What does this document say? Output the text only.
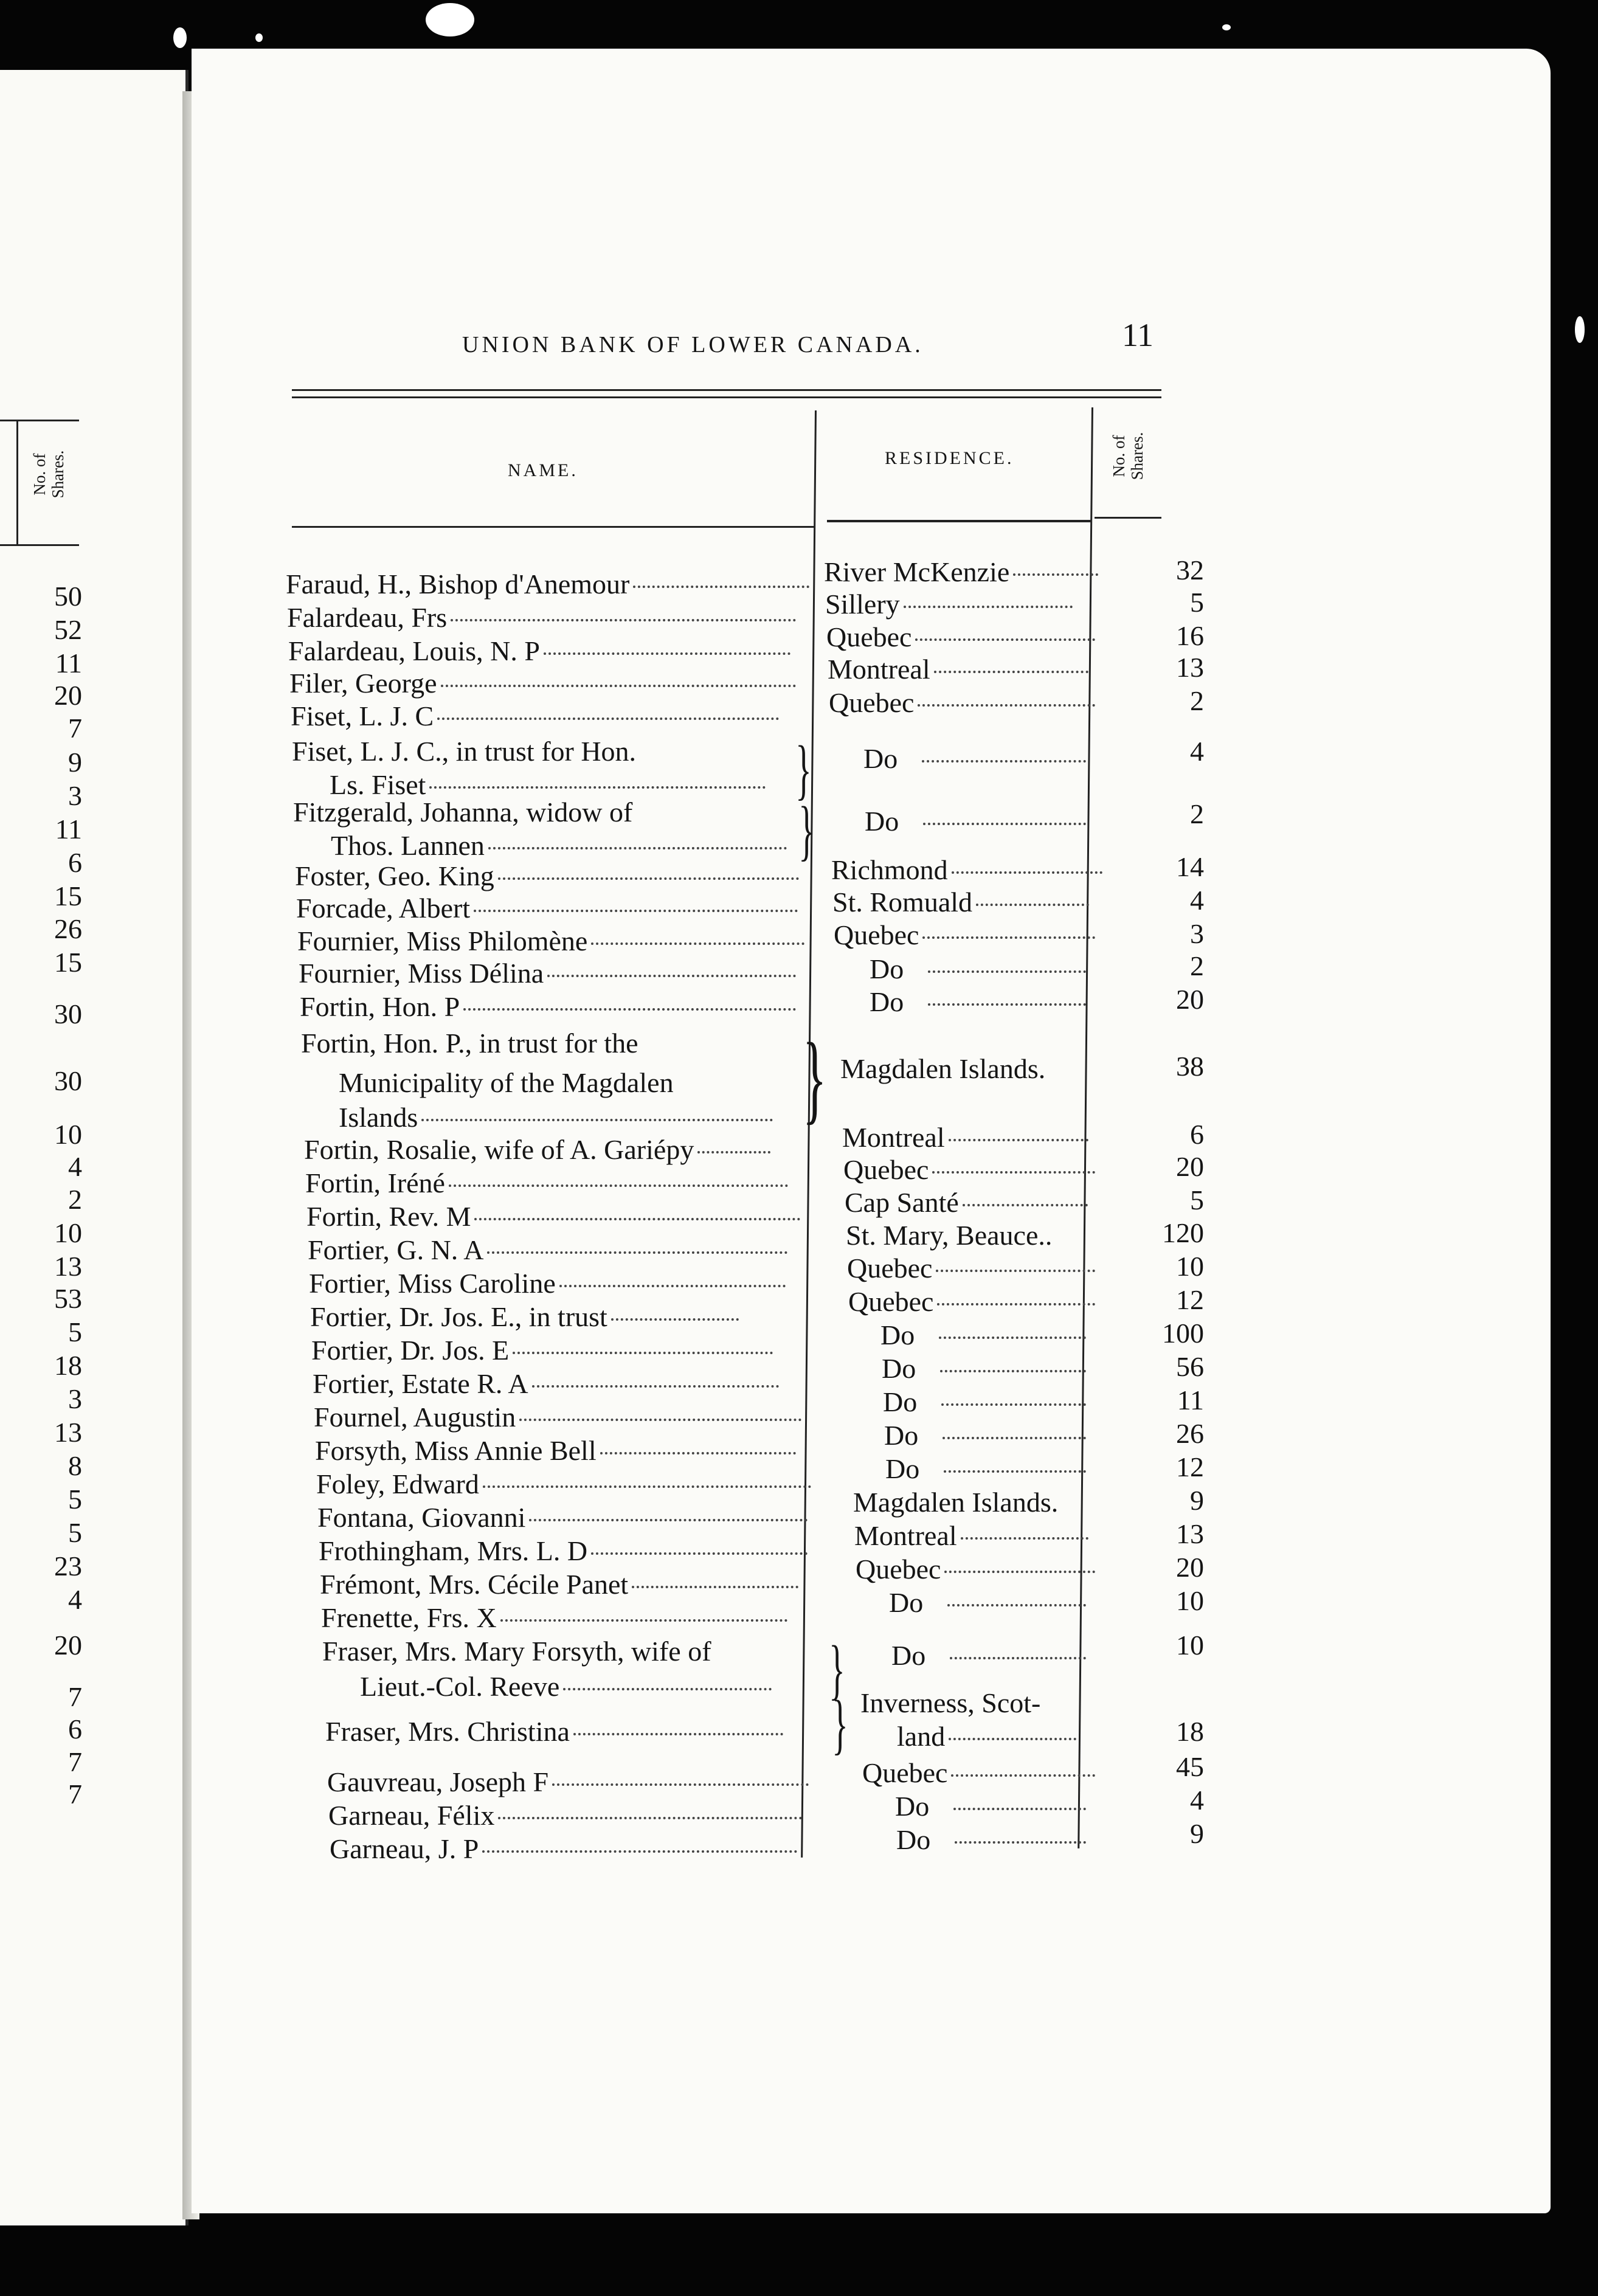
No. of
Shares.
50
52
11
20
7
9
3
11
6
15
26
15
30
30
10
4
2
10
13
53
5
18
3
13
8
5
5
23
4
20
7
6
7
7
UNION BANK OF LOWER CANADA.	11
NAME.
RESIDENCE.	No. of
Shares.
Faraud, H., Bishop d'Anemour	River McKenzie	32
Falardeau, Frs	Sillery	5
Falardeau, Louis, N. P	Quebec	16
Filer, George	Montreal	13
Fiset, L. J. C	Quebec	2
Fiset, L. J. C., in trust for Hon.
Ls. Fiset	} Do	4
Fitzgerald, Johanna, widow of
Thos. Lannen	} Do	2
Foster, Geo. King	Richmond	14
Forcade, Albert	St. Romuald	4
Fournier, Miss Philomène	Quebec	3
Fournier, Miss Délina	Do	2
Fortin, Hon. P	Do	20
Fortin, Hon. P., in trust for the
Municipality of the Magdalen
Islands	} Magdalen Islands.	38
Fortin, Rosalie, wife of A. Gariépy	Montreal	6
Fortin, Iréné	Quebec	20
Fortin, Rev. M	Cap Santé	5
Fortier, G. N. A	St. Mary, Beauce..	120
Fortier, Miss Caroline	Quebec	10
Fortier, Dr. Jos. E., in trust	Quebec	12
Fortier, Dr. Jos. E	Do	100
Fortier, Estate R. A	Do	56
Fournel, Augustin	Do	11
Forsyth, Miss Annie Bell	Do	26
Foley, Edward	Do	12
Fontana, Giovanni	Magdalen Islands.	9
Frothingham, Mrs. L. D	Montreal	13
Frémont, Mrs. Cécile Panet	Quebec	20
Frenette, Frs. X	Do	10
Fraser, Mrs. Mary Forsyth, wife of
Lieut.-Col. Reeve	} Do	10
Fraser, Mrs. Christina	} Inverness, Scot-
land	18
Gauvreau, Joseph F	Quebec	45
Garneau, Félix	Do	4
Garneau, J. P	Do	9
